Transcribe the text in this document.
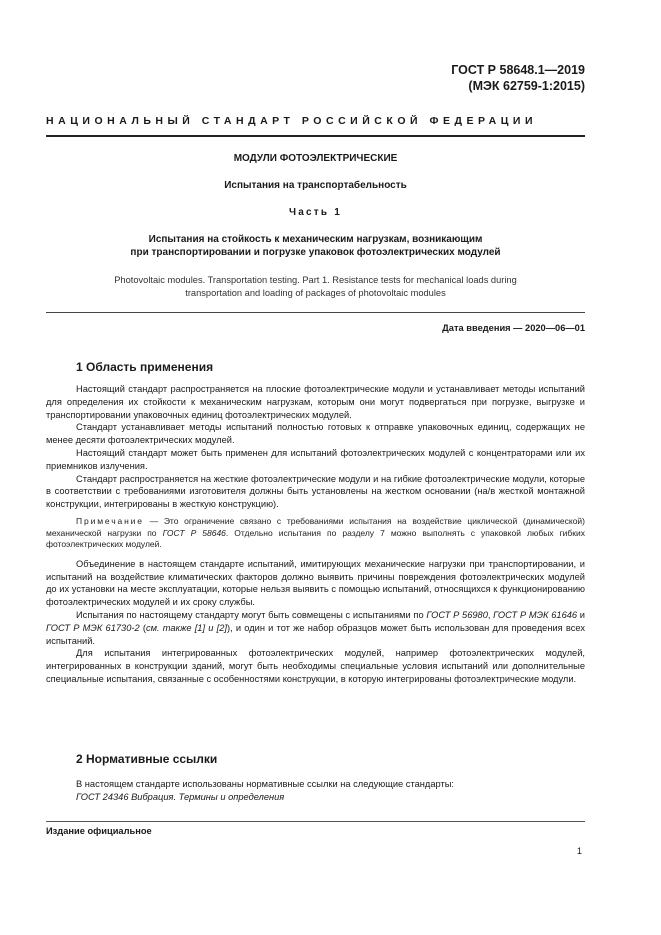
ГОСТ Р 58648.1—2019
(МЭК 62759-1:2015)
НАЦИОНАЛЬНЫЙ СТАНДАРТ РОССИЙСКОЙ ФЕДЕРАЦИИ
МОДУЛИ ФОТОЭЛЕКТРИЧЕСКИЕ
Испытания на транспортабельность
Часть 1
Испытания на стойкость к механическим нагрузкам, возникающим
при транспортировании и погрузке упаковок фотоэлектрических модулей
Photovoltaic modules. Transportation testing. Part 1. Resistance tests for mechanical loads during
transportation and loading of packages of photovoltaic modules
Дата введения — 2020—06—01
1 Область применения

Настоящий стандарт распространяется на плоские фотоэлектрические модули и устанавливает методы испытаний для определения их стойкости к механическим нагрузкам, которым они могут подвергаться при погрузке, выгрузке и транспортировании упаковочных единиц фотоэлектрических модулей.

Стандарт устанавливает методы испытаний полностью готовых к отправке упаковочных единиц, содержащих не менее десяти фотоэлектрических модулей.

Настоящий стандарт может быть применен для испытаний фотоэлектрических модулей с концентраторами или их приемников излучения.

Стандарт распространяется на жесткие фотоэлектрические модули и на гибкие фотоэлектрические модули, которые в соответствии с требованиями изготовителя должны быть установлены на жестком основании (на/в жесткой монтажной конструкции, интегрированы в жесткую конструкцию).

Примечание — Это ограничение связано с требованиями испытания на воздействие циклической (динамической) механической нагрузки по ГОСТ Р 58646. Отдельно испытания по разделу 7 можно выполнять с упаковкой любых гибких фотоэлектрических модулей.

Объединение в настоящем стандарте испытаний, имитирующих механические нагрузки при транспортировании, и испытаний на воздействие климатических факторов должно выявить причины повреждения фотоэлектрических модулей до их установки на месте эксплуатации, которые нельзя выявить с помощью испытаний, относящихся к функционированию фотоэлектрических модулей и их сроку службы.

Испытания по настоящему стандарту могут быть совмещены с испытаниями по ГОСТ Р 56980, ГОСТ Р МЭК 61646 и ГОСТ Р МЭК 61730-2 (см. также [1] и [2]), и один и тот же набор образцов может быть использован для проведения всех испытаний.

Для испытания интегрированных фотоэлектрических модулей, например фотоэлектрических модулей, интегрированных в конструкции зданий, могут быть необходимы специальные условия испытаний или дополнительные специальные испытания, связанные с особенностями конструкции, в которую интегрированы фотоэлектрические модули.

2 Нормативные ссылки

В настоящем стандарте использованы нормативные ссылки на следующие стандарты:

ГОСТ 24346 Вибрация. Термины и определения

Издание официальное
1
